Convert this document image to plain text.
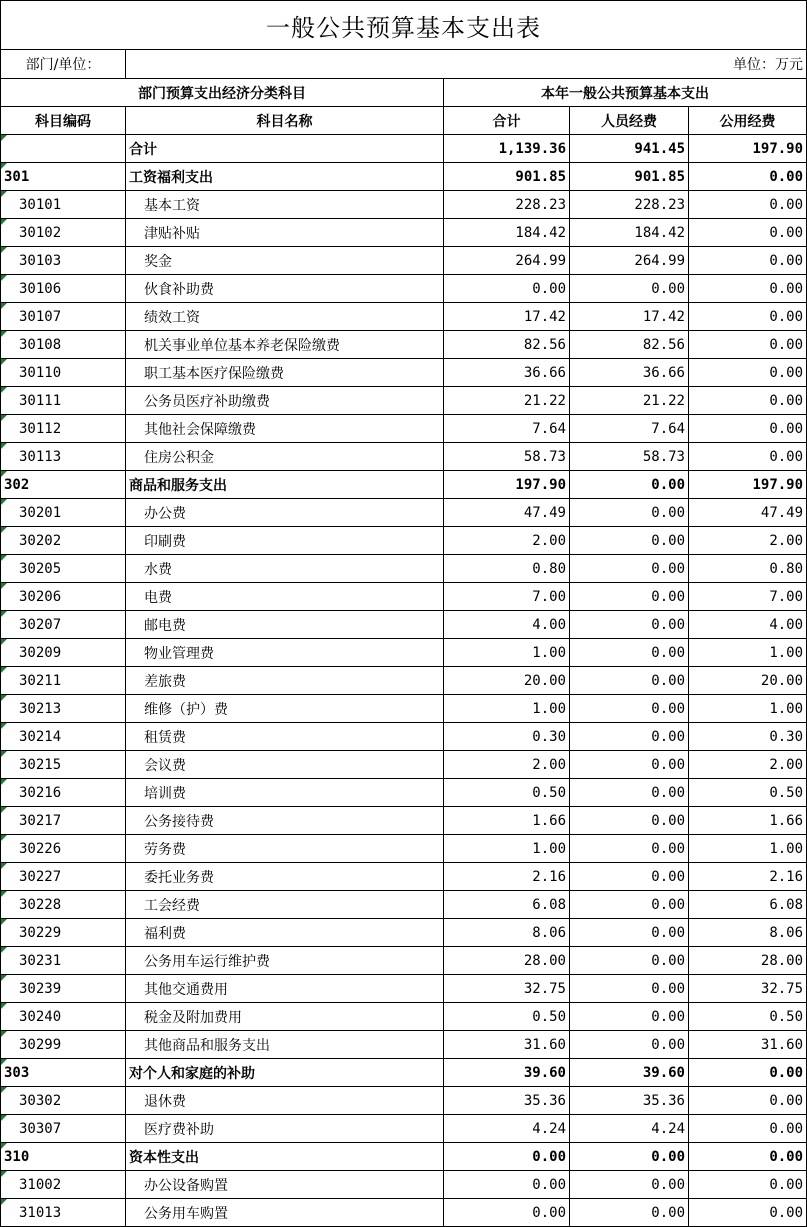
一般公共预算基本支出表				
部门/单位：	单位：万元			
部门预算支出经济分类科目		本年一般公共预算基本支出		
科目编码	科目名称	合计	人员经费	公用经费

	合计	1,139.36	941.45	197.90

301	工资福利支出	901.85	901.85	0.00

30101	基本工资	228.23	228.23	0.00

30102	津贴补贴	184.42	184.42	0.00

30103	奖金	264.99	264.99	0.00

30106	伙食补助费	0.00	0.00	0.00

30107	绩效工资	17.42	17.42	0.00

30108	机关事业单位基本养老保险缴费	82.56	82.56	0.00

30110	职工基本医疗保险缴费	36.66	36.66	0.00

30111	公务员医疗补助缴费	21.22	21.22	0.00

30112	其他社会保障缴费	7.64	7.64	0.00

30113	住房公积金	58.73	58.73	0.00

302	商品和服务支出	197.90	0.00	197.90

30201	办公费	47.49	0.00	47.49

30202	印刷费	2.00	0.00	2.00

30205	水费	0.80	0.00	0.80

30206	电费	7.00	0.00	7.00

30207	邮电费	4.00	0.00	4.00

30209	物业管理费	1.00	0.00	1.00

30211	差旅费	20.00	0.00	20.00

30213	维修（护）费	1.00	0.00	1.00

30214	租赁费	0.30	0.00	0.30

30215	会议费	2.00	0.00	2.00

30216	培训费	0.50	0.00	0.50

30217	公务接待费	1.66	0.00	1.66

30226	劳务费	1.00	0.00	1.00

30227	委托业务费	2.16	0.00	2.16

30228	工会经费	6.08	0.00	6.08

30229	福利费	8.06	0.00	8.06

30231	公务用车运行维护费	28.00	0.00	28.00

30239	其他交通费用	32.75	0.00	32.75

30240	税金及附加费用	0.50	0.00	0.50

30299	其他商品和服务支出	31.60	0.00	31.60

303	对个人和家庭的补助	39.60	39.60	0.00

30302	退休费	35.36	35.36	0.00

30307	医疗费补助	4.24	4.24	0.00

310	资本性支出	0.00	0.00	0.00

31002	办公设备购置	0.00	0.00	0.00

31013	公务用车购置	0.00	0.00	0.00
